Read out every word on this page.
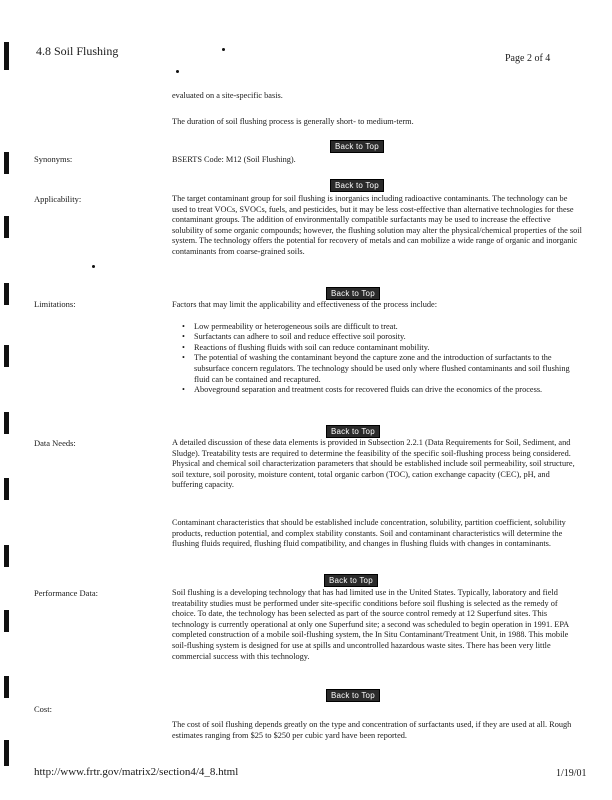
4.8 Soil Flushing
Page 2 of 4
evaluated on a site-specific basis.
The duration of soil flushing process is generally short- to medium-term.
Back to Top
Synonyms:	BSERTS Code: M12 (Soil Flushing).
Back to Top
Applicability:	The target contaminant group for soil flushing is inorganics including radioactive contaminants. The technology can be used to treat VOCs, SVOCs, fuels, and pesticides, but it may be less cost-effective than alternative technologies for these contaminant groups. The addition of environmentally compatible surfactants may be used to increase the effective solubility of some organic compounds; however, the flushing solution may alter the physical/chemical properties of the soil system. The technology offers the potential for recovery of metals and can mobilize a wide range of organic and inorganic contaminants from coarse-grained soils.
Back to Top
Limitations:	Factors that may limit the applicability and effectiveness of the process include:
• Low permeability or heterogeneous soils are difficult to treat.
• Surfactants can adhere to soil and reduce effective soil porosity.
• Reactions of flushing fluids with soil can reduce contaminant mobility.
• The potential of washing the contaminant beyond the capture zone and the introduction of surfactants to the subsurface concern regulators. The technology should be used only where flushed contaminants and soil flushing fluid can be contained and recaptured.
• Aboveground separation and treatment costs for recovered fluids can drive the economics of the process.
Back to Top
Data Needs:	A detailed discussion of these data elements is provided in Subsection 2.2.1 (Data Requirements for Soil, Sediment, and Sludge). Treatability tests are required to determine the feasibility of the specific soil-flushing process being considered. Physical and chemical soil characterization parameters that should be established include soil permeability, soil structure, soil texture, soil porosity, moisture content, total organic carbon (TOC), cation exchange capacity (CEC), pH, and buffering capacity.
Contaminant characteristics that should be established include concentration, solubility, partition coefficient, solubility products, reduction potential, and complex stability constants. Soil and contaminant characteristics will determine the flushing fluids required, flushing fluid compatibility, and changes in flushing fluids with changes in contaminants.
Back to Top
Performance Data:	Soil flushing is a developing technology that has had limited use in the United States. Typically, laboratory and field treatability studies must be performed under site-specific conditions before soil flushing is selected as the remedy of choice. To date, the technology has been selected as part of the source control remedy at 12 Superfund sites. This technology is currently operational at only one Superfund site; a second was scheduled to begin operation in 1991. EPA completed construction of a mobile soil-flushing system, the In Situ Contaminant/Treatment Unit, in 1988. This mobile soil-flushing system is designed for use at spills and uncontrolled hazardous waste sites. There has been very little commercial success with this technology.
Back to Top
Cost:
The cost of soil flushing depends greatly on the type and concentration of surfactants used, if they are used at all. Rough estimates ranging from $25 to $250 per cubic yard have been reported.
http://www.frtr.gov/matrix2/section4/4_8.html	1/19/01
